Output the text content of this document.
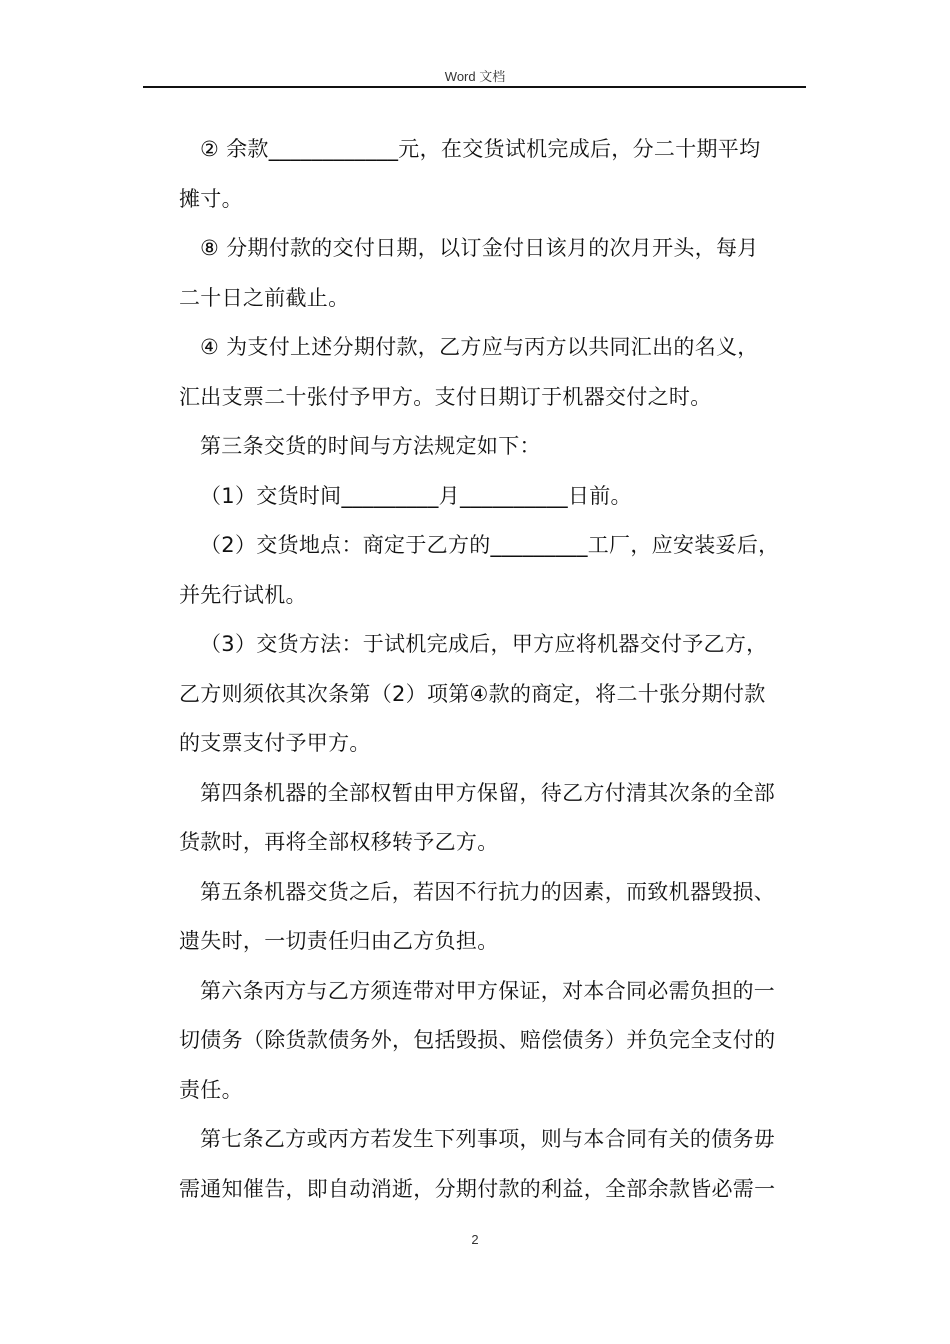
Word 文档
② 余款____________元，在交货试机完成后，分二十期平均
摊寸。
⑧ 分期付款的交付日期，以订金付日该月的次月开头，每月
二十日之前截止。
④ 为支付上述分期付款，乙方应与丙方以共同汇出的名义，
汇出支票二十张付予甲方。支付日期订于机器交付之时。
第三条交货的时间与方法规定如下：
（1）交货时间_________月__________日前。
（2）交货地点：商定于乙方的_________工厂，应安装妥后，
并先行试机。
（3）交货方法：于试机完成后，甲方应将机器交付予乙方，
乙方则须依其次条第（2）项第④款的商定，将二十张分期付款
的支票支付予甲方。
第四条机器的全部权暂由甲方保留，待乙方付清其次条的全部
货款时，再将全部权移转予乙方。
第五条机器交货之后，若因不行抗力的因素，而致机器毁损、
遗失时，一切责任归由乙方负担。
第六条丙方与乙方须连带对甲方保证，对本合同必需负担的一
切债务（除货款债务外，包括毁损、赔偿债务）并负完全支付的
责任。
第七条乙方或丙方若发生下列事项，则与本合同有关的债务毋
需通知催告，即自动消逝，分期付款的利益，全部余款皆必需一
2
